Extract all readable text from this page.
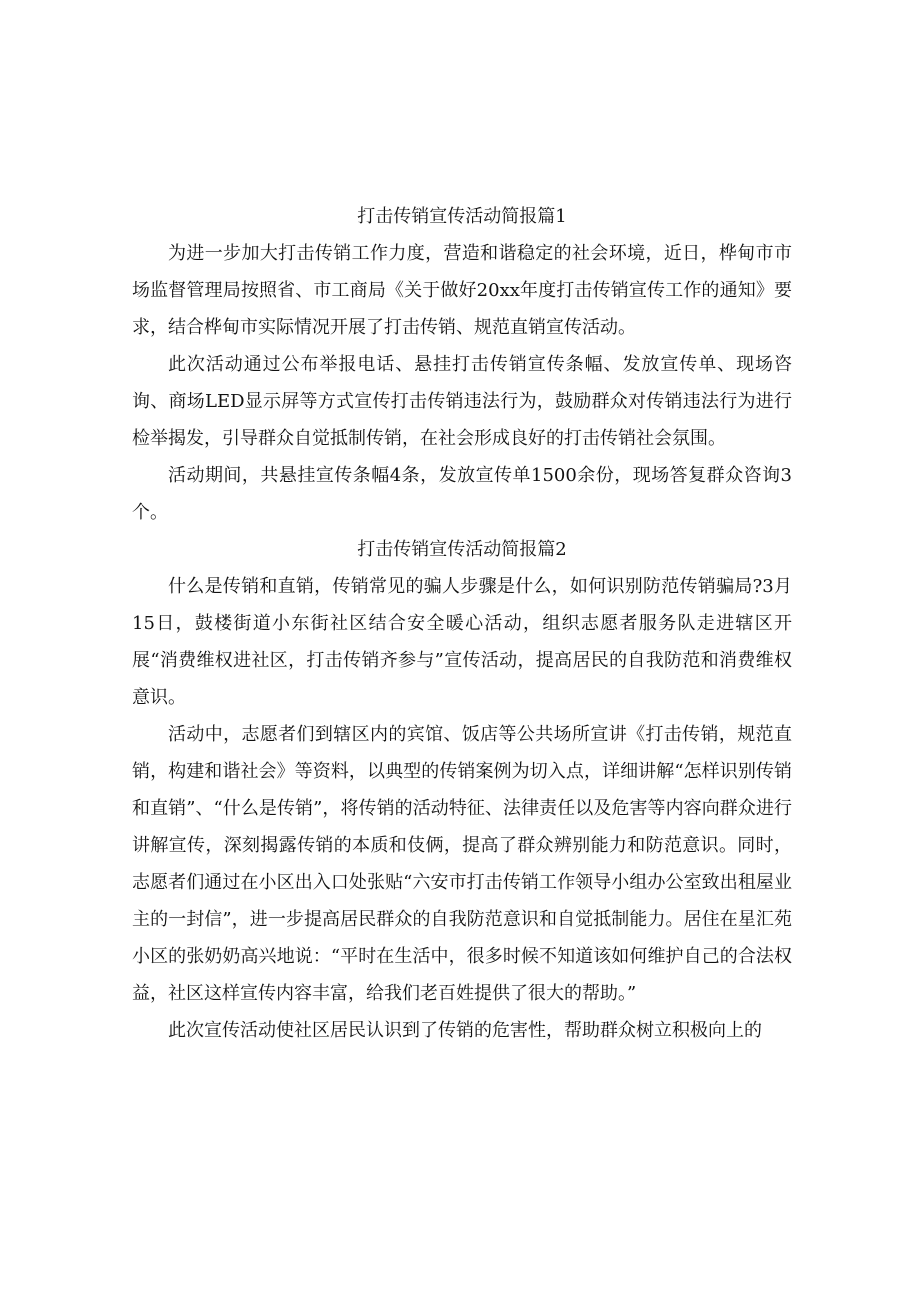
打击传销宣传活动简报篇1

为进一步加大打击传销工作力度，营造和谐稳定的社会环境，近日，桦甸市市场监督管理局按照省、市工商局《关于做好20xx年度打击传销宣传工作的通知》要求，结合桦甸市实际情况开展了打击传销、规范直销宣传活动。

此次活动通过公布举报电话、悬挂打击传销宣传条幅、发放宣传单、现场咨询、商场LED显示屏等方式宣传打击传销违法行为，鼓励群众对传销违法行为进行检举揭发，引导群众自觉抵制传销，在社会形成良好的打击传销社会氛围。

活动期间，共悬挂宣传条幅4条，发放宣传单1500余份，现场答复群众咨询3个。

打击传销宣传活动简报篇2

什么是传销和直销，传销常见的骗人步骤是什么，如何识别防范传销骗局?3月15日，鼓楼街道小东街社区结合安全暖心活动，组织志愿者服务队走进辖区开展“消费维权进社区，打击传销齐参与”宣传活动，提高居民的自我防范和消费维权意识。

活动中，志愿者们到辖区内的宾馆、饭店等公共场所宣讲《打击传销，规范直销，构建和谐社会》等资料，以典型的传销案例为切入点，详细讲解“怎样识别传销和直销”、“什么是传销”，将传销的活动特征、法律责任以及危害等内容向群众进行讲解宣传，深刻揭露传销的本质和伎俩，提高了群众辨别能力和防范意识。同时，志愿者们通过在小区出入口处张贴“六安市打击传销工作领导小组办公室致出租屋业主的一封信”，进一步提高居民群众的自我防范意识和自觉抵制能力。居住在星汇苑小区的张奶奶高兴地说：“平时在生活中，很多时候不知道该如何维护自己的合法权益，社区这样宣传内容丰富，给我们老百姓提供了很大的帮助。”

此次宣传活动使社区居民认识到了传销的危害性，帮助群众树立积极向上的
